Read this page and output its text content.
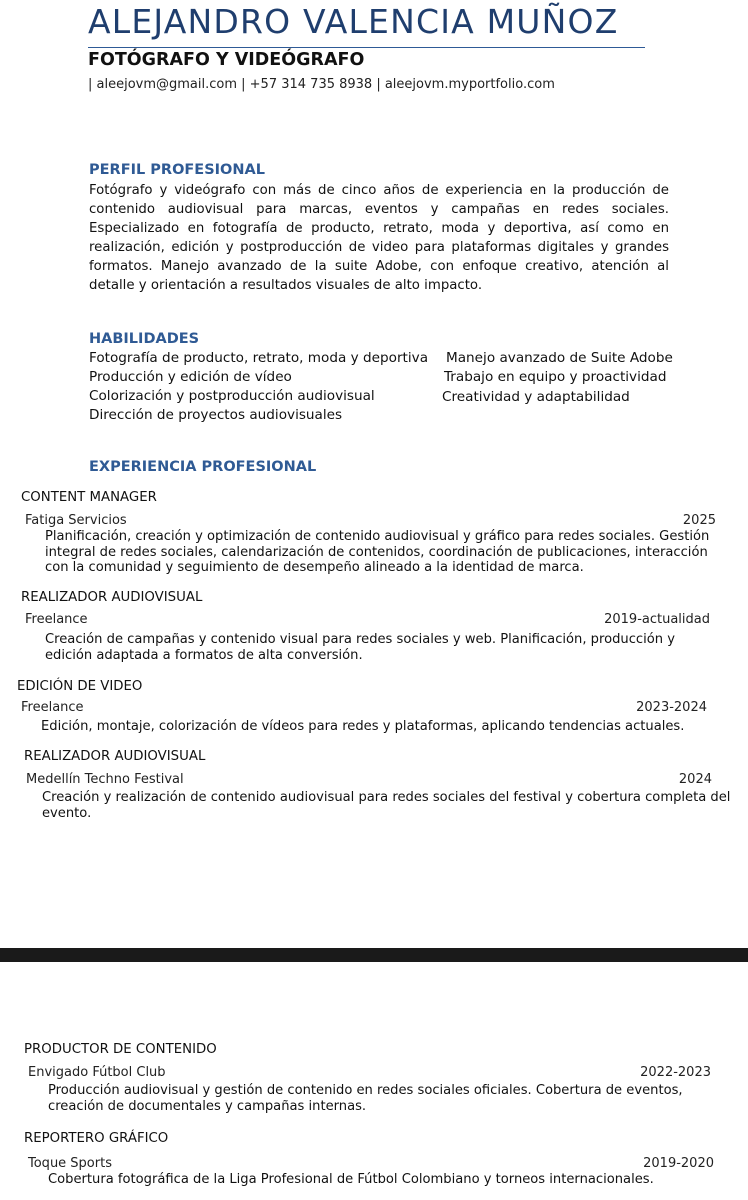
ALEJANDRO VALENCIA MUÑOZ
FOTÓGRAFO Y VIDEÓGRAFO
| aleejovm@gmail.com | +57 314 735 8938 | aleejovm.myportfolio.com
PERFIL PROFESIONAL
Fotógrafo y videógrafo con más de cinco años de experiencia en la producción de contenido audiovisual para marcas, eventos y campañas en redes sociales. Especializado en fotografía de producto, retrato, moda y deportiva, así como en realización, edición y postproducción de video para plataformas digitales y grandes formatos. Manejo avanzado de la suite Adobe, con enfoque creativo, atención al detalle y orientación a resultados visuales de alto impacto.
HABILIDADES
Fotografía de producto, retrato, moda y deportiva
Producción y edición de vídeo
Colorización y postproducción audiovisual
Dirección de proyectos audiovisuales
Manejo avanzado de Suite Adobe
Trabajo en equipo y proactividad
Creatividad y adaptabilidad
EXPERIENCIA PROFESIONAL
CONTENT MANAGER
Fatiga Servicios	2025
Planificación, creación y optimización de contenido audiovisual y gráfico para redes sociales. Gestión integral de redes sociales, calendarización de contenidos, coordinación de publicaciones, interacción con la comunidad y seguimiento de desempeño alineado a la identidad de marca.
REALIZADOR AUDIOVISUAL
Freelance	2019-actualidad
Creación de campañas y contenido visual para redes sociales y web. Planificación, producción y edición adaptada a formatos de alta conversión.
EDICIÓN DE VIDEO
Freelance	2023-2024
Edición, montaje, colorización de vídeos para redes y plataformas, aplicando tendencias actuales.
REALIZADOR AUDIOVISUAL
Medellín Techno Festival	2024
Creación y realización de contenido audiovisual para redes sociales del festival y cobertura completa del evento.
PRODUCTOR DE CONTENIDO
Envigado Fútbol Club	2022-2023
Producción audiovisual y gestión de contenido en redes sociales oficiales. Cobertura de eventos, creación de documentales y campañas internas.
REPORTERO GRÁFICO
Toque Sports	2019-2020
Cobertura fotográfica de la Liga Profesional de Fútbol Colombiano y torneos internacionales.
